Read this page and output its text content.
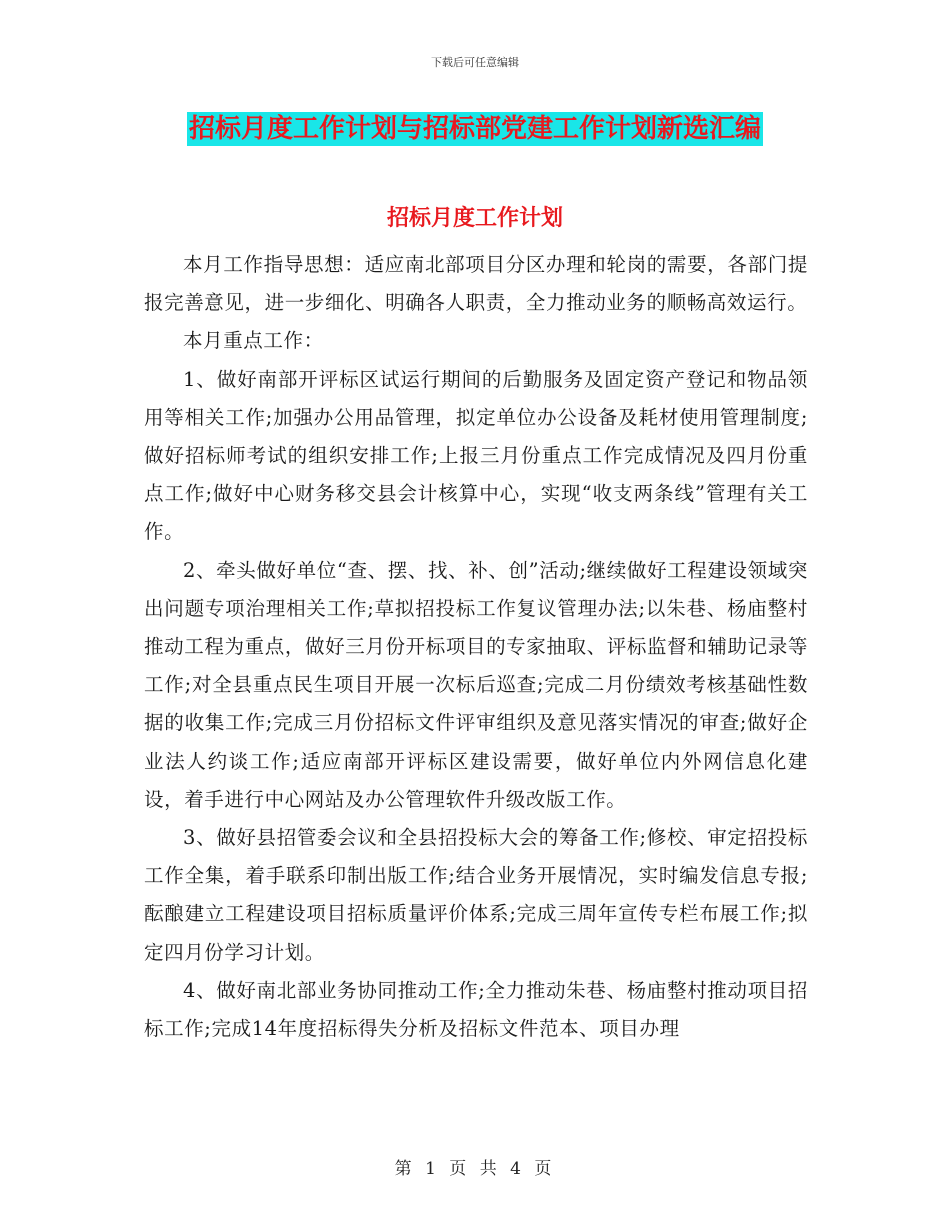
下载后可任意编辑
招标月度工作计划与招标部党建工作计划新选汇编
招标月度工作计划

本月工作指导思想：适应南北部项目分区办理和轮岗的需要，各部门提报完善意见，进一步细化、明确各人职责，全力推动业务的顺畅高效运行。

本月重点工作：

1、做好南部开评标区试运行期间的后勤服务及固定资产登记和物品领用等相关工作;加强办公用品管理，拟定单位办公设备及耗材使用管理制度;做好招标师考试的组织安排工作;上报三月份重点工作完成情况及四月份重点工作;做好中心财务移交县会计核算中心，实现“收支两条线”管理有关工作。

2、牵头做好单位“查、摆、找、补、创”活动;继续做好工程建设领域突出问题专项治理相关工作;草拟招投标工作复议管理办法;以朱巷、杨庙整村推动工程为重点，做好三月份开标项目的专家抽取、评标监督和辅助记录等工作;对全县重点民生项目开展一次标后巡查;完成二月份绩效考核基础性数据的收集工作;完成三月份招标文件评审组织及意见落实情况的审查;做好企业法人约谈工作;适应南部开评标区建设需要，做好单位内外网信息化建设，着手进行中心网站及办公管理软件升级改版工作。

3、做好县招管委会议和全县招投标大会的筹备工作;修校、审定招投标工作全集，着手联系印制出版工作;结合业务开展情况，实时编发信息专报;酝酿建立工程建设项目招标质量评价体系;完成三周年宣传专栏布展工作;拟定四月份学习计划。

4、做好南北部业务协同推动工作;全力推动朱巷、杨庙整村推动项目招标工作;完成14年度招标得失分析及招标文件范本、项目办理

第 1 页 共 4 页
